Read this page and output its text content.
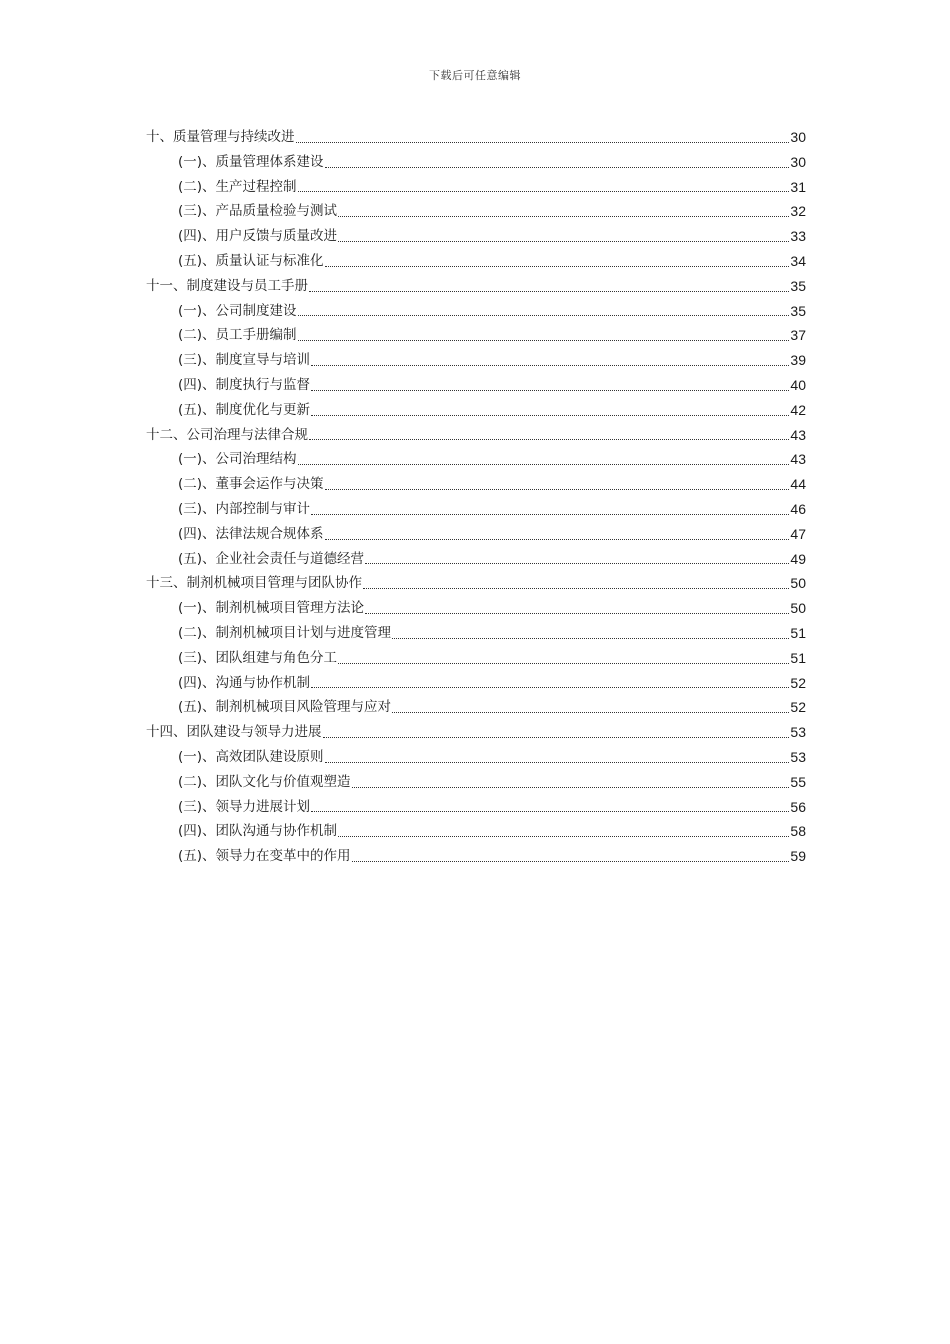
下载后可任意编辑
十、质量管理与持续改进	30
(一)、质量管理体系建设	30
(二)、生产过程控制	31
(三)、产品质量检验与测试	32
(四)、用户反馈与质量改进	33
(五)、质量认证与标准化	34
十一、制度建设与员工手册	35
(一)、公司制度建设	35
(二)、员工手册编制	37
(三)、制度宣导与培训	39
(四)、制度执行与监督	40
(五)、制度优化与更新	42
十二、公司治理与法律合规	43
(一)、公司治理结构	43
(二)、董事会运作与决策	44
(三)、内部控制与审计	46
(四)、法律法规合规体系	47
(五)、企业社会责任与道德经营	49
十三、制剂机械项目管理与团队协作	50
(一)、制剂机械项目管理方法论	50
(二)、制剂机械项目计划与进度管理	51
(三)、团队组建与角色分工	51
(四)、沟通与协作机制	52
(五)、制剂机械项目风险管理与应对	52
十四、团队建设与领导力进展	53
(一)、高效团队建设原则	53
(二)、团队文化与价值观塑造	55
(三)、领导力进展计划	56
(四)、团队沟通与协作机制	58
(五)、领导力在变革中的作用	59
